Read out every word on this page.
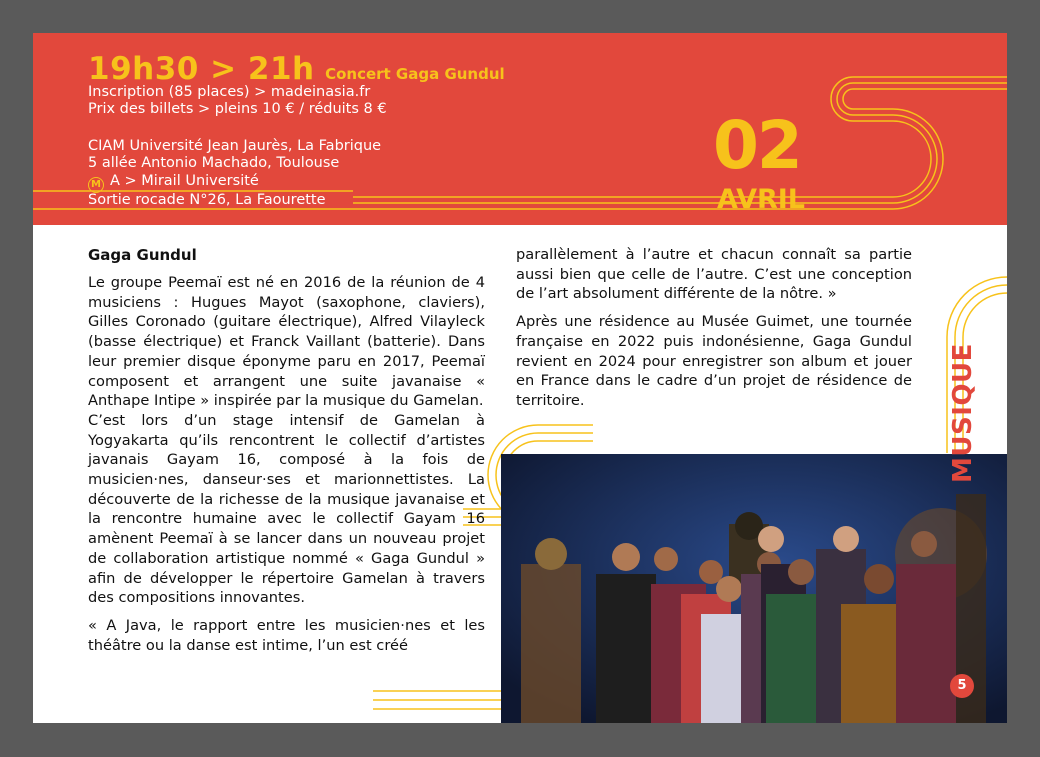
19h30 > 21h Concert Gaga Gundul
Inscription (85 places) > madeinasia.fr
Prix des billets > pleins 10 € / réduits 8 €
CIAM Université Jean Jaurès, La Fabrique
5 allée Antonio Machado, Toulouse
M A > Mirail Université
Sortie rocade N°26, La Faourette
02
AVRIL
Gaga Gundul

Le groupe Peemaï est né en 2016 de la réunion de 4 musiciens : Hugues Mayot (saxophone, claviers), Gilles Coronado (guitare électrique), Alfred Vilayleck (basse électrique) et Franck Vaillant (batterie). Dans leur premier disque éponyme paru en 2017, Peemaï composent et arrangent une suite javanaise « Anthape Intipe » inspirée par la musique du Gamelan.

C’est lors d’un stage intensif de Gamelan à Yogyakarta qu’ils rencontrent le collectif d’artistes javanais Gayam 16, composé à la fois de musicien·nes, danseur·ses et marionnettistes. La découverte de la richesse de la musique javanaise et la rencontre humaine avec le collectif Gayam 16 amènent Peemaï à se lancer dans un nouveau projet de collaboration artistique nommé « Gaga Gundul » afin de développer le répertoire Gamelan à travers des compositions innovantes.

« A Java, le rapport entre les musicien·nes et les théâtre ou la danse est intime, l’un est créé

parallèlement à l’autre et chacun connaît sa partie aussi bien que celle de l’autre. C’est une conception de l’art absolument différente de la nôtre. »

Après une résidence au Musée Guimet, une tournée française en 2022 puis indonésienne, Gaga Gundul revient en 2024 pour enregistrer son album et jouer en France dans le cadre d’un projet de résidence de territoire.	MUSIQUE
5
